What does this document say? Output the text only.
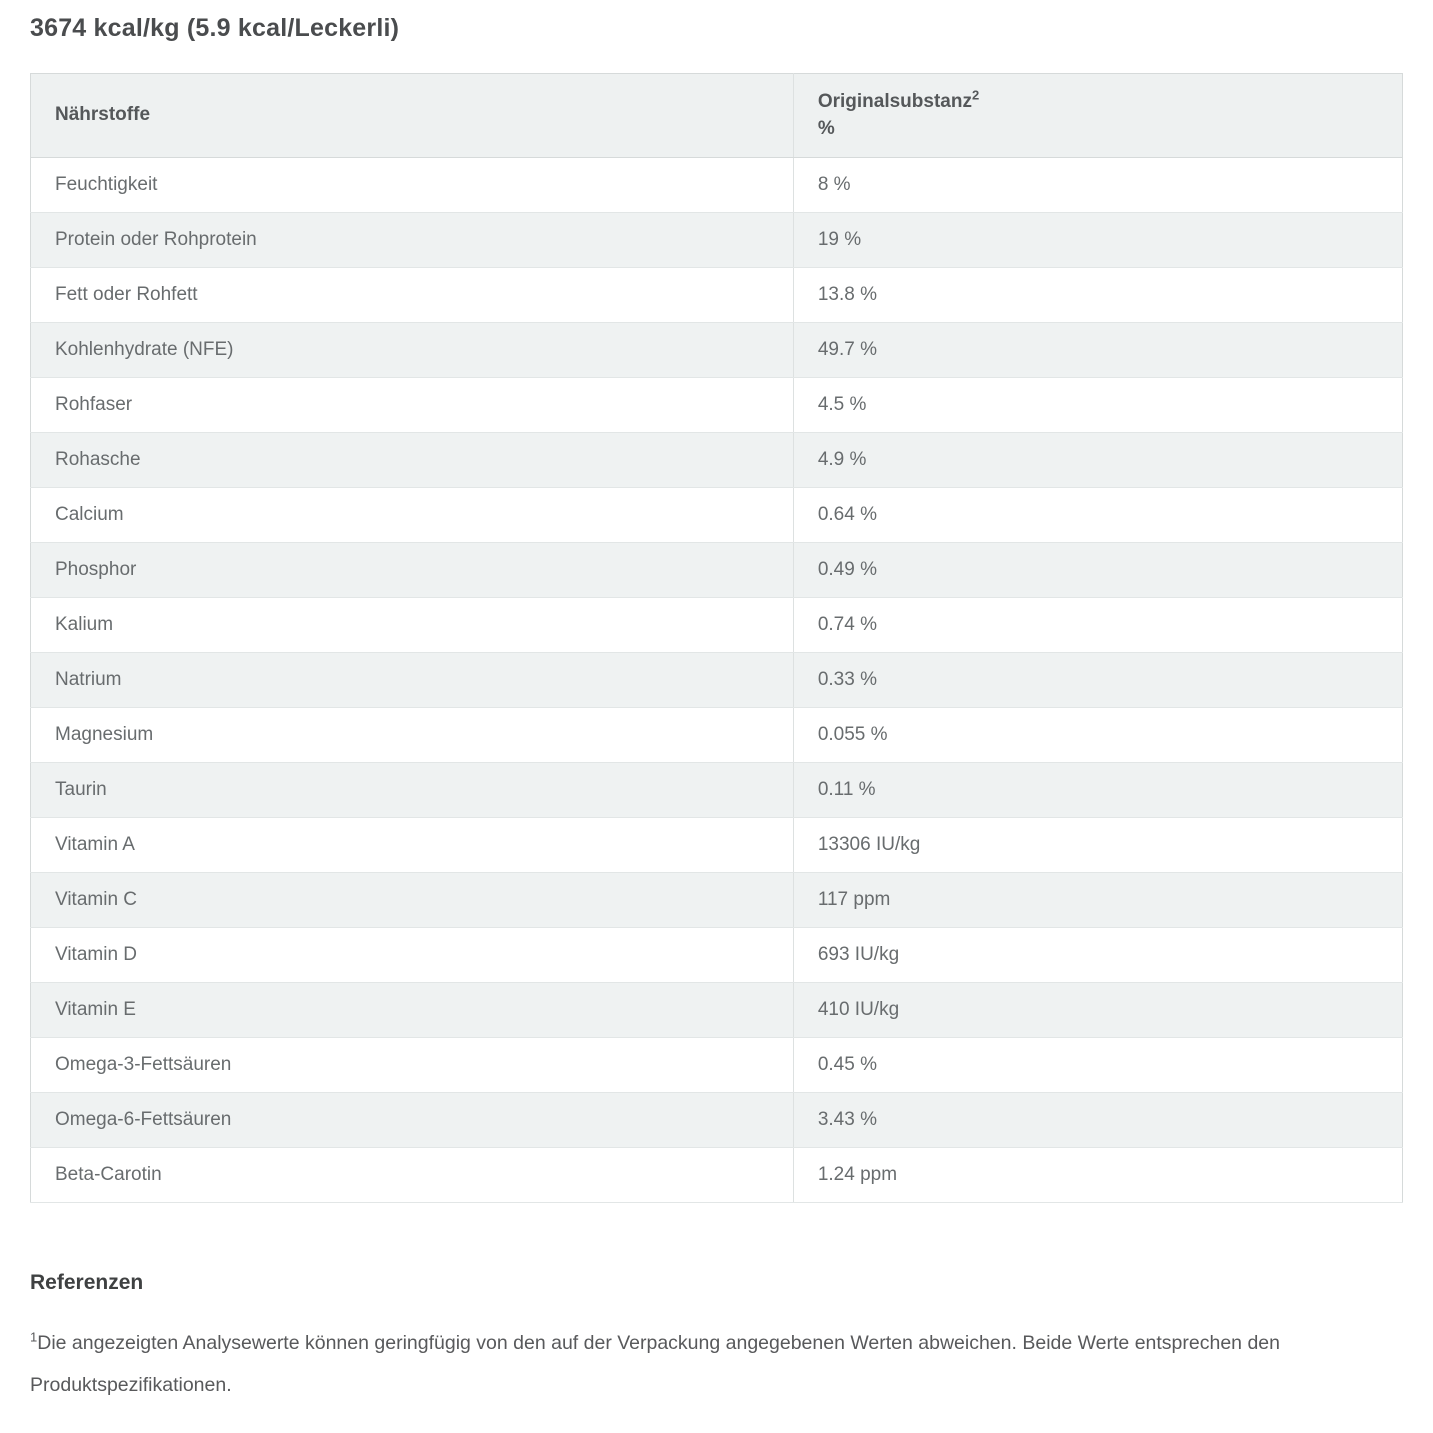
3674 kcal/kg (5.9 kcal/Leckerli)
Nährstoffe	Originalsubstanz$^2$
%
Feuchtigkeit	8 %
Protein oder Rohprotein	19 %
Fett oder Rohfett	13.8 %
Kohlenhydrate (NFE)	49.7 %
Rohfaser	4.5 %
Rohasche	4.9 %
Calcium	0.64 %
Phosphor	0.49 %
Kalium	0.74 %
Natrium	0.33 %
Magnesium	0.055 %
Taurin	0.11 %
Vitamin A	13306 IU/kg
Vitamin C	117 ppm
Vitamin D	693 IU/kg
Vitamin E	410 IU/kg
Omega-3-Fettsäuren	0.45 %
Omega-6-Fettsäuren	3.43 %
Beta-Carotin	1.24 ppm
Referenzen

$^1$Die angezeigten Analysewerte können geringfügig von den auf der Verpackung angegebenen Werten abweichen. Beide Werte entsprechen den Produktspezifikationen.
